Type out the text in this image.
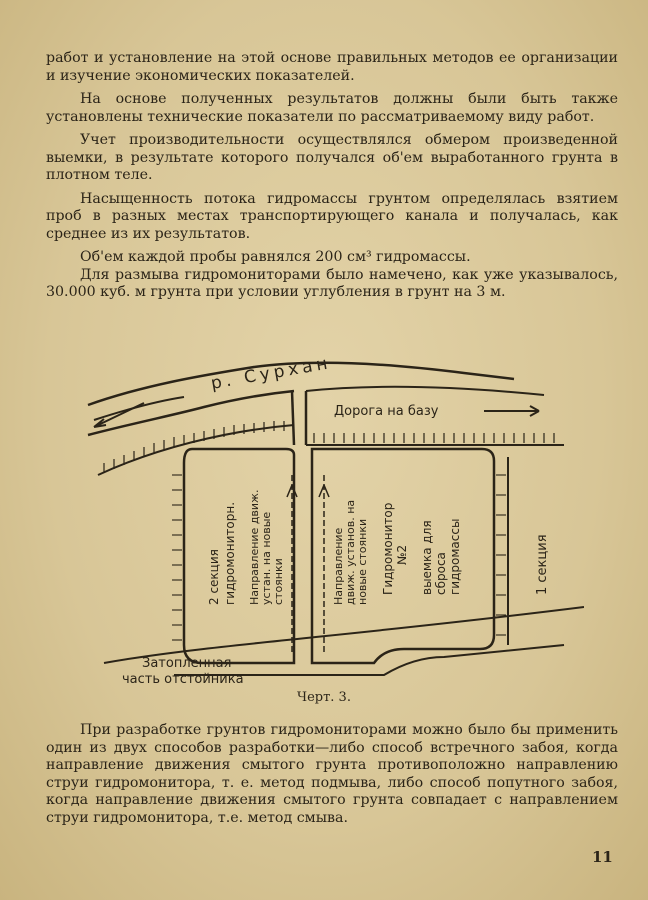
работ и установление на этой основе правильных методов ее организации и изучение экономических показателей.

На основе полученных результатов должны были быть также установлены технические показатели по рассматриваемому виду работ.

Учет производительности осуществлялся обмером произведенной выемки, в результате которого получался об'ем выработанного грунта в плотном теле.

Насыщенность потока гидромассы грунтом определялась взятием проб в разных местах транспортирующего канала и получалась, как среднее из их результатов.

Об'ем каждой пробы равнялся 200 см³ гидромассы.

Для размыва гидромониторами было намечено, как уже указывалось, 30.000 куб. м грунта при условии углубления в грунт на 3 м.

р. Сурхан
Дорога на базу
2 секция гидромониторн. Направление движ. устан. на новые стоянки	Направление движ. установ. на новые стоянки Гидромонитор №2 выемка для сброса гидромассы	1 секция
Затопленная
часть отстойника
Черт. 3.

При разработке грунтов гидромониторами можно было бы применить один из двух способов разработки—либо способ встречного забоя, когда направление движения смытого грунта противоположно направлению струи гидромонитора, т. е. метод подмыва, либо способ попутного забоя, когда направление движения смытого грунта совпадает с направлением струи гидромонитора, т.е. метод смыва.

11
